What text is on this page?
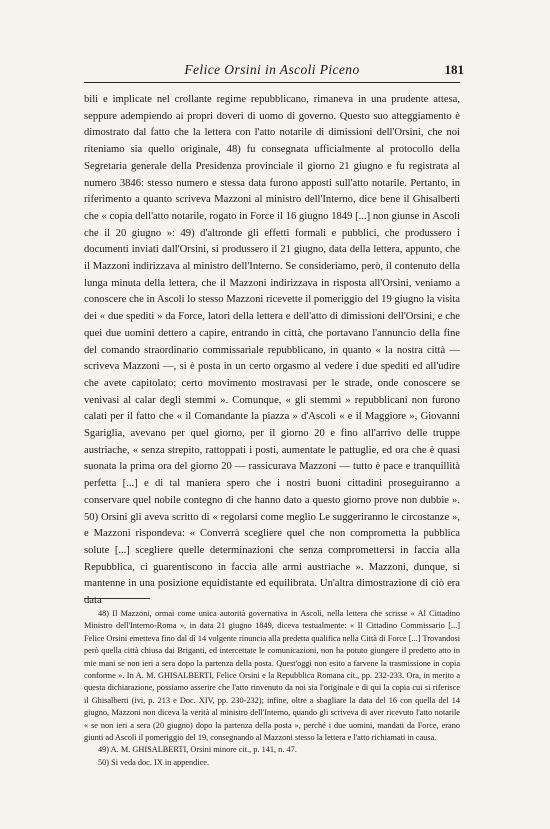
Felice Orsini in Ascoli Piceno	181

bili e implicate nel crollante regime repubblicano, rimaneva in una prudente attesa, seppure adempiendo ai propri doveri di uomo di governo. Questo suo atteggiamento è dimostrato dal fatto che la lettera con l'atto notarile di dimissioni dell'Orsini, che noi riteniamo sia quello originale, 48) fu consegnata ufficialmente al protocollo della Segretaria generale della Presidenza provinciale il giorno 21 giugno e fu registrata al numero 3846: stesso numero e stessa data furono apposti sull'atto notarile. Pertanto, in riferimento a quanto scriveva Mazzoni al ministro dell'Interno, dice bene il Ghisalberti che « copia dell'atto notarile, rogato in Force il 16 giugno 1849 [...] non giunse in Ascoli che il 20 giugno »: 49) d'altronde gli effetti formali e pubblici, che produssero i documenti inviati dall'Orsini, si produssero il 21 giugno, data della lettera, appunto, che il Mazzoni indirizzava al ministro dell'Interno. Se consideriamo, però, il contenuto della lunga minuta della lettera, che il Mazzoni indirizzava in risposta all'Orsini, veniamo a conoscere che in Ascoli lo stesso Mazzoni ricevette il pomeriggio del 19 giugno la visita dei « due spediti » da Force, latori della lettera e dell'atto di dimissioni dell'Orsini, e che quei due uomini dettero a capire, entrando in città, che portavano l'annuncio della fine del comando straordinario commissariale repubblicano, in quanto « la nostra città — scriveva Mazzoni —, si è posta in un certo orgasmo al vedere i due spediti ed all'udire che avete capitolato; certo movimento mostravasi per le strade, onde conoscere se venivasi al calar degli stemmi ». Comunque, « gli stemmi » repubblicani non furono calati per il fatto che « il Comandante la piazza » d'Ascoli « e il Maggiore », Giovanni Sgariglia, avevano per quel giorno, per il giorno 20 e fino all'arrivo delle truppe austriache, « senza strepito, rattoppati i posti, aumentate le pattuglie, ed ora che è quasi suonata la prima ora del giorno 20 — rassicurava Mazzoni — tutto è pace e tranquillità perfetta [...] e di tal maniera spero che i nostri buoni cittadini proseguiranno a conservare quel nobile contegno di che hanno dato a questo giorno prove non dubbie ». 50) Orsini gli aveva scritto di « regolarsi come meglio Le suggeriranno le circostanze », e Mazzoni rispondeva: « Converrà scegliere quel che non comprometta la pubblica solute [...] scegliere quelle determinazioni che senza compromettersi in faccia alla Repubblica, ci guarentiscono in faccia alle armi austriache ». Mazzoni, dunque, si mantenne in una posizione equidistante ed equilibrata. Un'altra dimostrazione di ciò era data

48) Il Mazzoni, ormai come unica autorità governativa in Ascoli, nella lettera che scrisse « Al Cittadino Ministro dell'Interno-Roma », in data 21 giugno 1849, diceva testualmente: « Il Cittadino Commissario [...] Felice Orsini emetteva fino dal dì 14 volgente rinuncia alla predetta qualifica nella Città di Force [...] Trovandosi però quella città chiusa dai Briganti, ed intercettate le comunicazioni, non ha potuto giungere il predetto atto in mie mani se non ieri a sera dopo la partenza della posta. Quest'oggi non esito a farvene la trasmissione in copia conforme ». In A. M. GHISALBERTI, Felice Orsini e la Repubblica Romana cit., pp. 232-233. Ora, in merito a questa dichiarazione, possiamo asserire che l'atto rinvenuto da noi sia l'originale e di qui la copia cui si riferisce il Ghisalberti (ivi, p. 213 e Doc. XIV, pp. 230-232); infine, oltre a sbagliare la data del 16 con quella del 14 giugno, Mazzoni non diceva la verità al ministro dell'Interno, quando gli scriveva di aver ricevuto l'atto notarile « se non ieri a sera (20 giugno) dopo la partenza della posta », perché i due uomini, mandati da Force, erano giunti ad Ascoli il pomeriggio del 19, consegnando al Mazzoni stesso la lettera e l'atto richiamati in causa.

49) A. M. GHISALBERTI, Orsini minore cit., p. 141, n. 47.

50) Si veda doc. IX in appendice.
